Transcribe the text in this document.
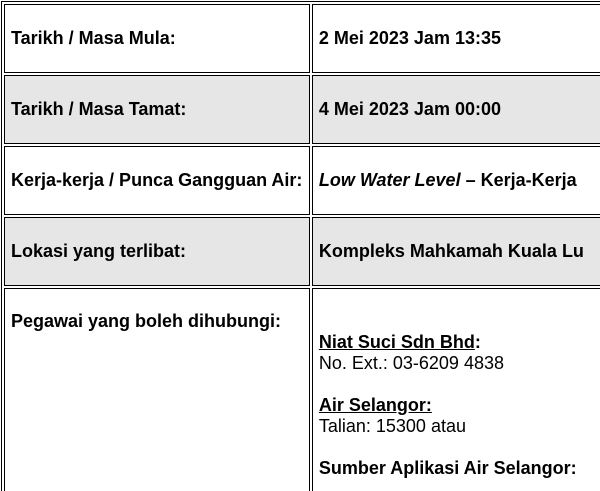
Tarikh / Masa Mula:	2 Mei 2023 Jam 13:35
Tarikh / Masa Tamat:	4 Mei 2023 Jam 00:00
Kerja-kerja / Punca Gangguan Air:	Low Water Level – Kerja-Kerja
Lokasi yang terlibat:	Kompleks Mahkamah Kuala Lu
Pegawai yang boleh dihubungi:	Niat Suci Sdn Bhd:
No. Ext.: 03-6209 4838
Air Selangor:
Talian: 15300 atau
Sumber Aplikasi Air Selangor:
